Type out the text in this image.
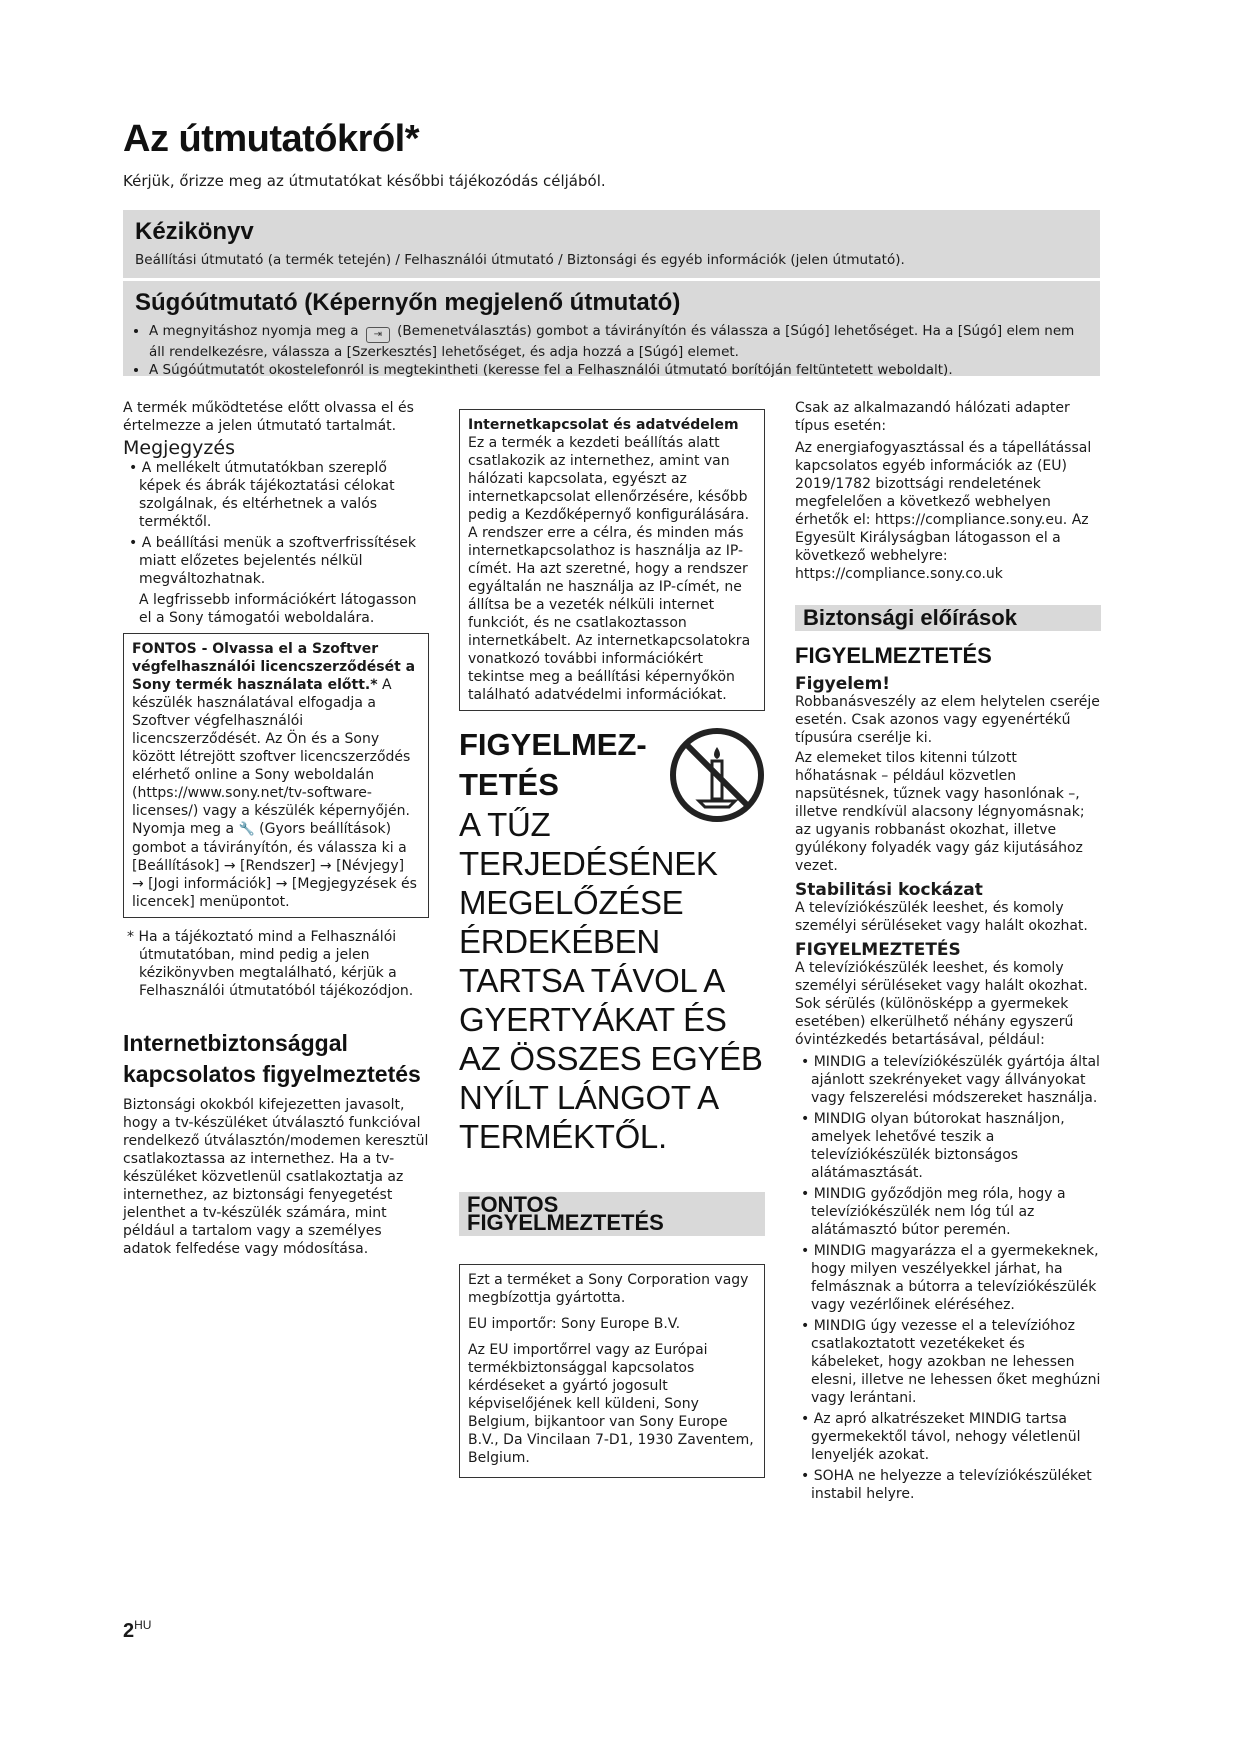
Az útmutatókról*
Kérjük, őrizze meg az útmutatókat későbbi tájékozódás céljából.
Kézikönyv
Beállítási útmutató (a termék tetején) / Felhasználói útmutató / Biztonsági és egyéb információk (jelen útmutató).
Súgóútmutató (Képernyőn megjelenő útmutató)
• A megnyitáshoz nyomja meg a ⇥ (Bemenetválasztás) gombot a távirányítón és válassza a [Súgó] lehetőséget. Ha a [Súgó] elem nem áll rendelkezésre, válassza a [Szerkesztés] lehetőséget, és adja hozzá a [Súgó] elemet.
• A Súgóútmutatót okostelefonról is megtekintheti (keresse fel a Felhasználói útmutató borítóján feltüntetett weboldalt).

A termék működtetése előtt olvassa el és értelmezze a jelen útmutató tartalmát.

Megjegyzés
• A mellékelt útmutatókban szereplő képek és ábrák tájékoztatási célokat szolgálnak, és eltérhetnek a valós terméktől.
• A beállítási menük a szoftverfrissítések miatt előzetes bejelentés nélkül megváltozhatnak.
A legfrissebb információkért látogasson el a Sony támogatói weboldalára.
FONTOS - Olvassa el a Szoftver végfelhasználói licencszerződését a Sony termék használata előtt.* A készülék használatával elfogadja a Szoftver végfelhasználói licencszerződését. Az Ön és a Sony között létrejött szoftver licencszerződés elérhető online a Sony weboldalán (https://www.sony.net/tv-software-licenses/) vagy a készülék képernyőjén. Nyomja meg a 🔧 (Gyors beállítások) gombot a távirányítón, és válassza ki a [Beállítások] → [Rendszer] → [Névjegy] → [Jogi információk] → [Megjegyzések és licencek] menüpontot.

* Ha a tájékoztató mind a Felhasználói útmutatóban, mind pedig a jelen kézikönyvben megtalálható, kérjük a Felhasználói útmutatóból tájékozódjon.

Internetbiztonsággal kapcsolatos figyelmeztetés

Biztonsági okokból kifejezetten javasolt, hogy a tv-készüléket útválasztó funkcióval rendelkező útválasztón/modemen keresztül csatlakoztassa az internethez. Ha a tv-készüléket közvetlenül csatlakoztatja az internethez, az biztonsági fenyegetést jelenthet a tv-készülék számára, mint például a tartalom vagy a személyes adatok felfedése vagy módosítása.

Internetkapcsolat és adatvédelem
Ez a termék a kezdeti beállítás alatt csatlakozik az internethez, amint van hálózati kapcsolata, egyészt az internetkapcsolat ellenőrzésére, később pedig a Kezdőképernyő konfigurálására. A rendszer erre a célra, és minden más internetkapcsolathoz is használja az IP-címét. Ha azt szeretné, hogy a rendszer egyáltalán ne használja az IP-címét, ne állítsa be a vezeték nélküli internet funkciót, és ne csatlakoztasson internetkábelt. Az internetkapcsolatokra vonatkozó további információkért tekintse meg a beállítási képernyőkön található adatvédelmi információkat.
FIGYELMEZ- TETÉS

A TŰZ TERJEDÉSÉNEK MEGELŐZÉSE ÉRDEKÉBEN TARTSA TÁVOL A GYERTYÁKAT ÉS AZ ÖSSZES EGYÉB NYÍLT LÁNGOT A TERMÉKTŐL.

FONTOS FIGYELMEZTETÉS

Ezt a terméket a Sony Corporation vagy megbízottja gyártotta.

EU importőr: Sony Europe B.V.

Az EU importőrrel vagy az Európai termékbiztonsággal kapcsolatos kérdéseket a gyártó jogosult képviselőjének kell küldeni, Sony Belgium, bijkantoor van Sony Europe B.V., Da Vincilaan 7-D1, 1930 Zaventem, Belgium.

Csak az alkalmazandó hálózati adapter típus esetén:

Az energiafogyasztással és a tápellátással kapcsolatos egyéb információk az (EU) 2019/1782 bizottsági rendeletének megfelelően a következő webhelyen érhetők el: https://compliance.sony.eu. Az Egyesült Királyságban látogasson el a következő webhelyre: https://compliance.sony.co.uk

Biztonsági előírások
FIGYELMEZTETÉS
Figyelem!

Robbanásveszély az elem helytelen cseréje esetén. Csak azonos vagy egyenértékű típusúra cserélje ki.

Az elemeket tilos kitenni túlzott hőhatásnak – például közvetlen napsütésnek, tűznek vagy hasonlónak –, illetve rendkívül alacsony légnyomásnak; az ugyanis robbanást okozhat, illetve gyúlékony folyadék vagy gáz kijutásához vezet.

Stabilitási kockázat

A televíziókészülék leeshet, és komoly személyi sérüléseket vagy halált okozhat.

FIGYELMEZTETÉS

A televíziókészülék leeshet, és komoly személyi sérüléseket vagy halált okozhat. Sok sérülés (különösképp a gyermekek esetében) elkerülhető néhány egyszerű óvintézkedés betartásával, például:

• MINDIG a televíziókészülék gyártója által ajánlott szekrényeket vagy állványokat vagy felszerelési módszereket használja.
• MINDIG olyan bútorokat használjon, amelyek lehetővé teszik a televíziókészülék biztonságos alátámasztását.
• MINDIG győződjön meg róla, hogy a televíziókészülék nem lóg túl az alátámasztó bútor peremén.
• MINDIG magyarázza el a gyermekeknek, hogy milyen veszélyekkel járhat, ha felmásznak a bútorra a televíziókészülék vagy vezérlőinek eléréséhez.
• MINDIG úgy vezesse el a televízióhoz csatlakoztatott vezetékeket és kábeleket, hogy azokban ne lehessen elesni, illetve ne lehessen őket meghúzni vagy lerántani.
• Az apró alkatrészeket MINDIG tartsa gyermekektől távol, nehogy véletlenül lenyeljék azokat.
• SOHA ne helyezze a televíziókészüléket instabil helyre.
$2^{HU}$
